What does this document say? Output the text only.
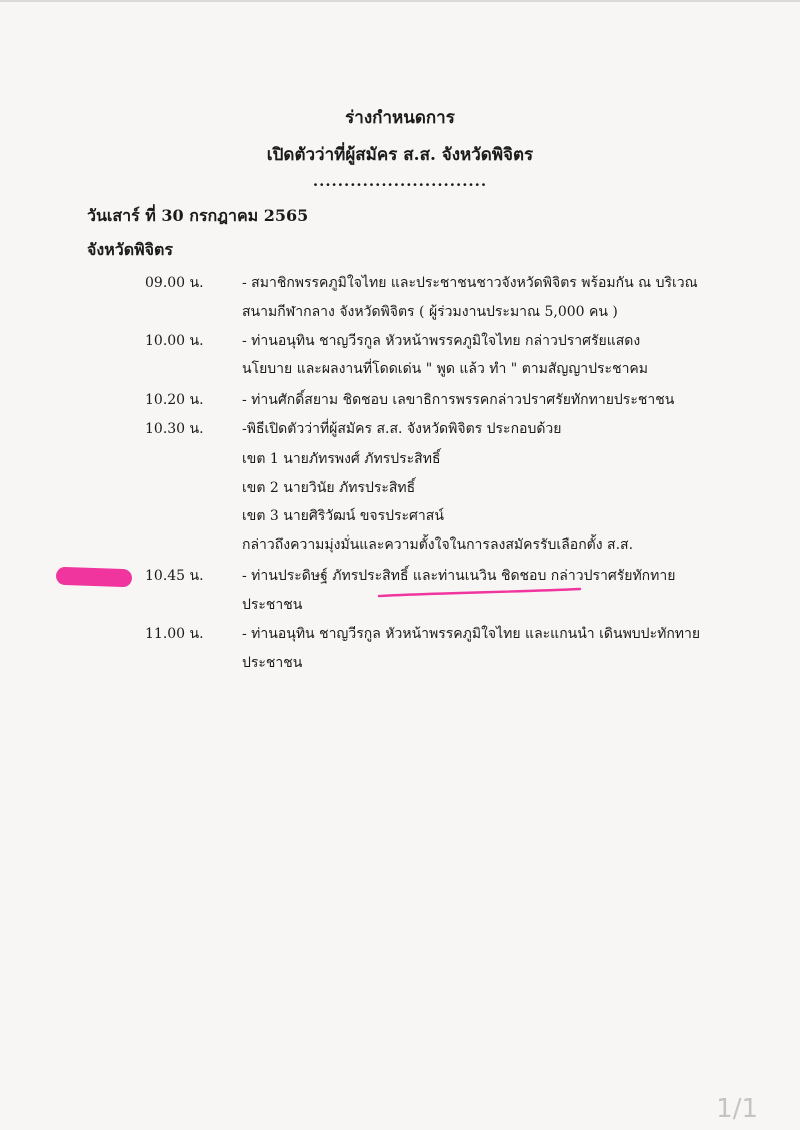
ร่างกำหนดการ
เปิดตัวว่าที่ผู้สมัคร ส.ส. จังหวัดพิจิตร
............................
วันเสาร์ ที่ 30 กรกฎาคม 2565
จังหวัดพิจิตร
09.00 น.	- สมาชิกพรรคภูมิใจไทย และประชาชนชาวจังหวัดพิจิตร พร้อมกัน ณ บริเวณ
สนามกีฬากลาง จังหวัดพิจิตร ( ผู้ร่วมงานประมาณ 5,000 คน )
10.00 น.	- ท่านอนุทิน ชาญวีรกูล หัวหน้าพรรคภูมิใจไทย กล่าวปราศรัยแสดง
นโยบาย และผลงานที่โดดเด่น " พูด แล้ว ทำ " ตามสัญญาประชาคม
10.20 น.	- ท่านศักดิ์สยาม ชิดชอบ เลขาธิการพรรคกล่าวปราศรัยทักทายประชาชน
10.30 น.	-พิธีเปิดตัวว่าที่ผู้สมัคร ส.ส. จังหวัดพิจิตร ประกอบด้วย
เขต 1 นายภัทรพงศ์ ภัทรประสิทธิ์
เขต 2 นายวินัย ภัทรประสิทธิ์
เขต 3 นายศิริวัฒน์ ขจรประศาสน์
กล่าวถึงความมุ่งมั่นและความตั้งใจในการลงสมัครรับเลือกตั้ง ส.ส.
10.45 น.	- ท่านประดิษฐ์ ภัทรประสิทธิ์ และท่านเนวิน ชิดชอบ กล่าวปราศรัยทักทาย
ประชาชน
11.00 น.	- ท่านอนุทิน ชาญวีรกูล หัวหน้าพรรคภูมิใจไทย และแกนนำ เดินพบปะทักทาย
ประชาชน
1/1
